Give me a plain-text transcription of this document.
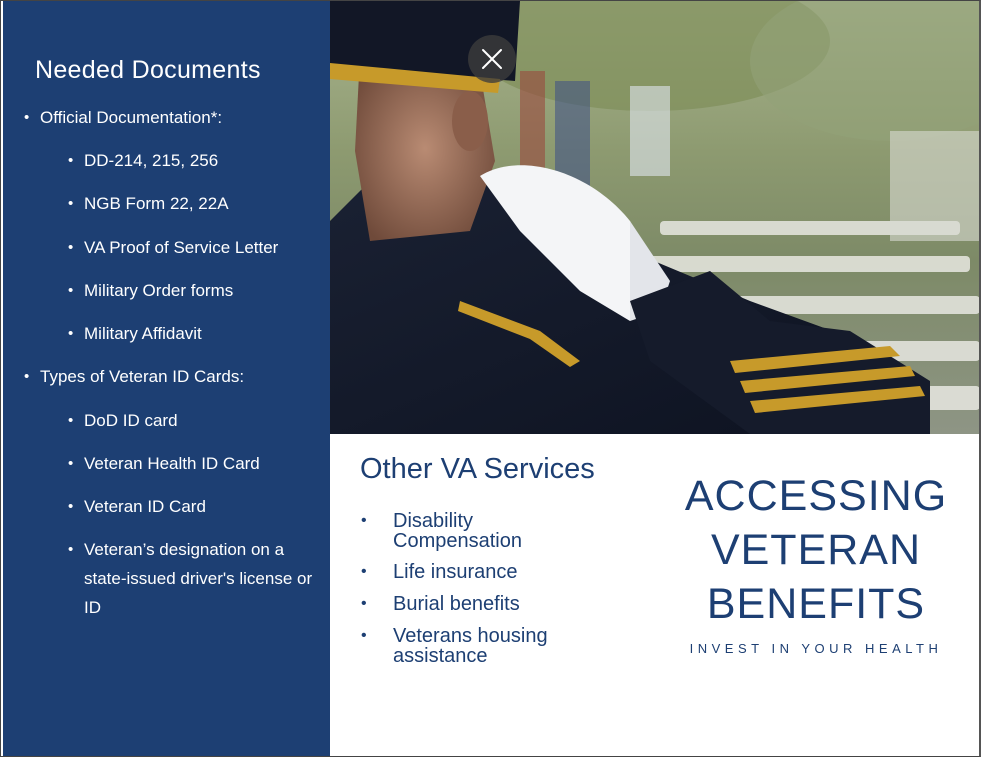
Needed Documents
• Official Documentation*:
• DD-214, 215, 256
• NGB Form 22, 22A
• VA Proof of Service Letter
• Military Order forms
• Military Affidavit
• Types of Veteran ID Cards:
• DoD ID card
• Veteran Health ID Card
• Veteran ID Card
• Veteran’s designation on a state-issued driver's license or ID
Other VA Services
• Disability Compensation
• Life insurance
• Burial benefits
• Veterans housing assistance
ACCESSING VETERAN BENEFITS
INVEST IN YOUR HEALTH
